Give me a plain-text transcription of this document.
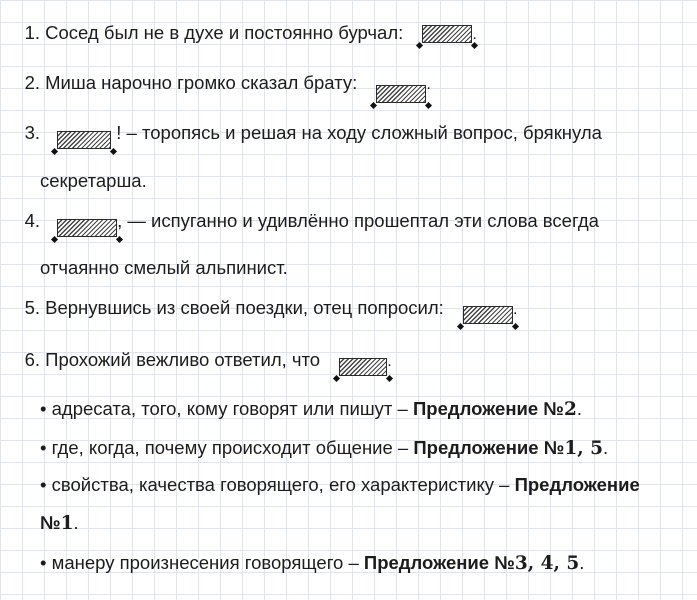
1. Сосед был не в духе и постоянно бурчал:	.
2. Миша нарочно громко сказал брату:	.
3.	! – торопясь и решая на ходу сложный вопрос, брякнула
секретарша.
4.	, — испуганно и удивлённо прошептал эти слова всегда
отчаянно смелый альпинист.
5. Вернувшись из своей поездки, отец попросил:	.
6. Прохожий вежливо ответил, что	.
• адресата, того, кому говорят или пишут – Предложение №2.
• где, когда, почему происходит общение – Предложение №1, 5.
• свойства, качества говорящего, его характеристику – Предложение
№1.
• манеру произнесения говорящего – Предложение №3, 4, 5.
